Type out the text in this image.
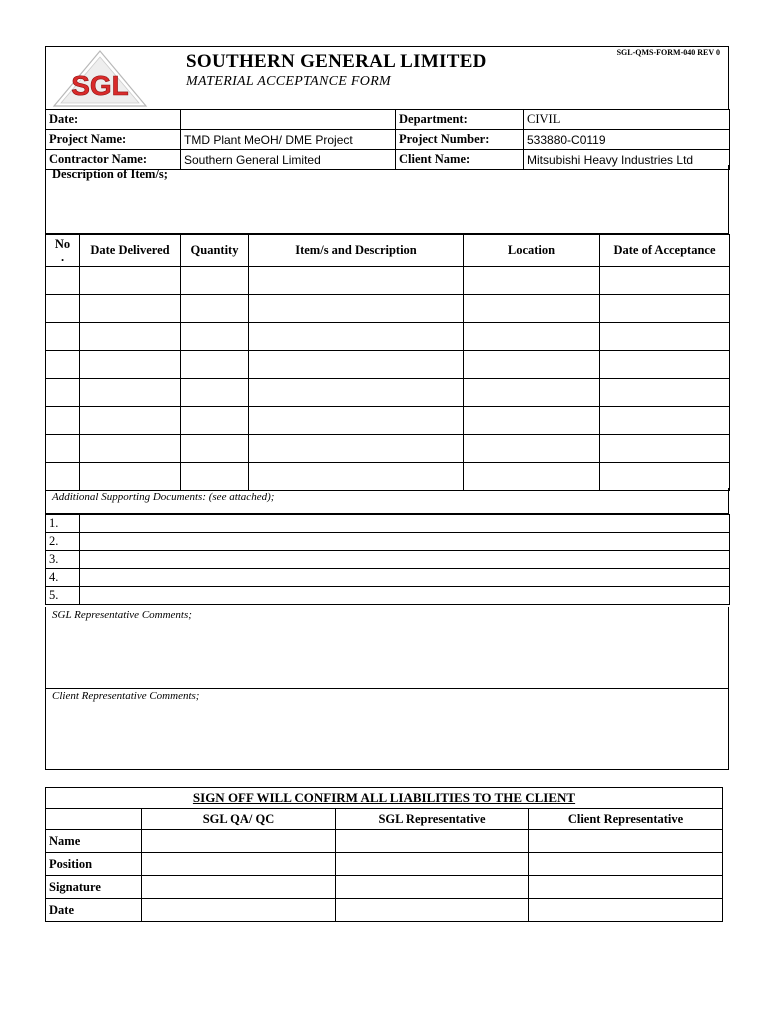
SGL
SOUTHERN GENERAL LIMITED
MATERIAL ACCEPTANCE FORM
SGL-QMS-FORM-040 REV 0
Date:		Department:	CIVIL
Project Name:	TMD Plant MeOH/ DME Project	Project Number:	533880-C0119
Contractor Name:	Southern General Limited	Client Name:	Mitsubishi Heavy Industries Ltd
Description of Item/s;
No
.	Date Delivered	Quantity	Item/s and Description	Location	Date of Acceptance

Additional Supporting Documents: (see attached);
1.	
2.	
3.	
4.	
5.	
SGL Representative Comments;
Client Representative Comments;
SIGN OFF WILL CONFIRM ALL LIABILITIES TO THE CLIENT			
	SGL QA/ QC	SGL Representative	Client Representative
Name			
Position			
Signature			
Date			
